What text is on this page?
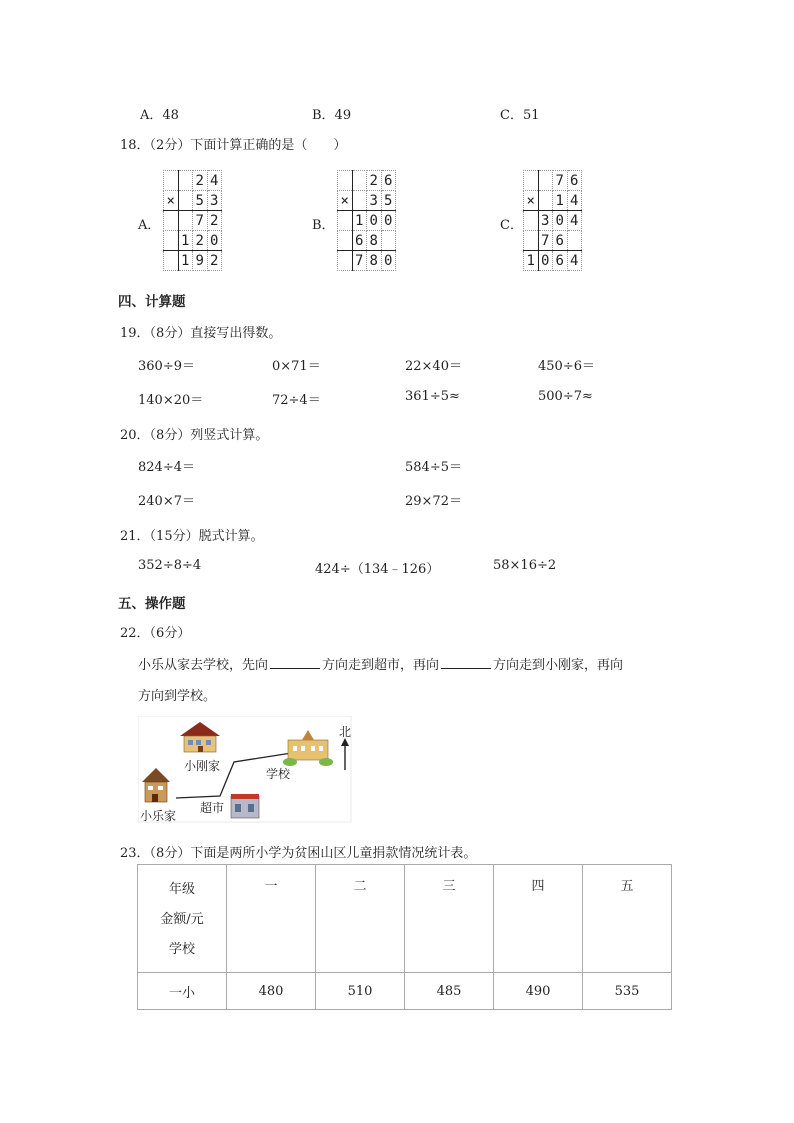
A．48	B．49	C．51
18．（2分）下面计算正确的是（　　）
A．	B．	C．
		2	4
×		5	3
		7	2
	1	2	0
	1	9	2
		2	6
×		3	5
	1	0	0
	6	8	
	7	8	0
		7	6
×		1	4
	3	0	4
	7	6	
1	0	6	4
四、计算题
19．（8分）直接写出得数。
360÷9＝	0×71＝	22×40＝	450÷6＝
140×20＝	72÷4＝	361÷5≈	500÷7≈
20．（8分）列竖式计算。
824÷4＝	584÷5＝
240×7＝	29×72＝
21．（15分）脱式计算。
352÷8÷4	424÷（134﹣126）	58×16÷2
五、操作题
22．（6分）
小乐从家去学校，先向	方向走到超市，再向	方向走到小刚家，再向
方向到学校。
小刚家
小乐家
超市
学校
北
23．（8分）下面是两所小学为贫困山区儿童捐款情况统计表。
年级
金额/元
学校	一	二	三	四	五
一小	480	510	485	490	535
